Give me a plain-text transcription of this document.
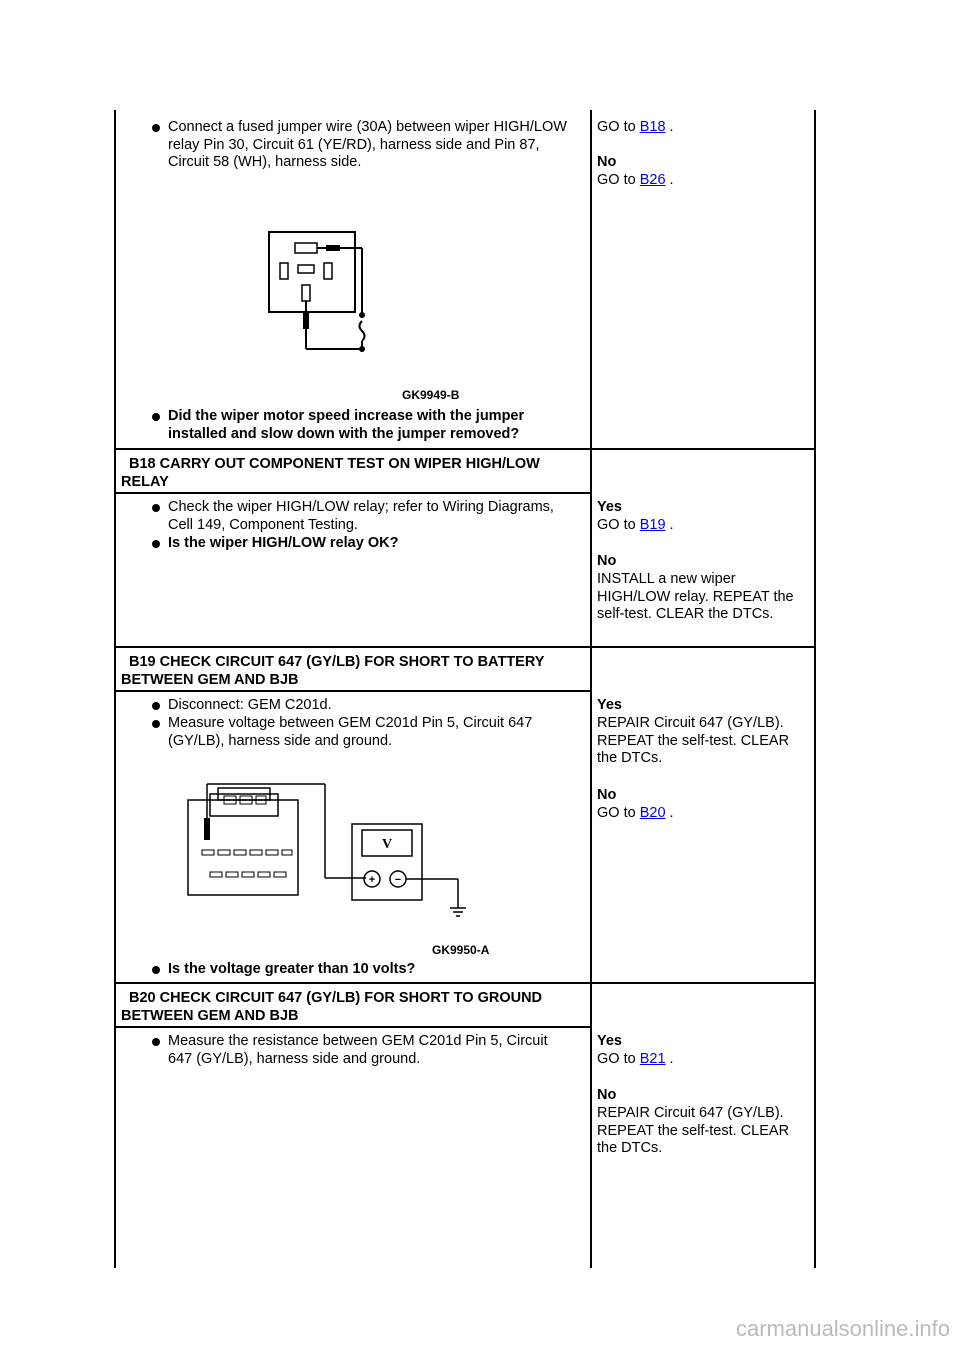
Connect a fused jumper wire (30A) between wiper HIGH/LOW relay Pin 30, Circuit 61 (YE/RD), harness side and Pin 87, Circuit 58 (WH), harness side.
GK9949-B
Did the wiper motor speed increase with the jumper installed and slow down with the jumper removed?
GO to B18 .
No
GO to B26 .
B18 CARRY OUT COMPONENT TEST ON WIPER HIGH/LOW RELAY
Check the wiper HIGH/LOW relay; refer to Wiring Diagrams, Cell 149, Component Testing.
Is the wiper HIGH/LOW relay OK?
Yes
GO to B19 .
No
INSTALL a new wiper HIGH/LOW relay. REPEAT the self-test. CLEAR the DTCs.
B19 CHECK CIRCUIT 647 (GY/LB) FOR SHORT TO BATTERY BETWEEN GEM AND BJB
Disconnect: GEM C201d.
Measure voltage between GEM C201d Pin 5, Circuit 647 (GY/LB), harness side and ground.
V
+ −
GK9950-A
Is the voltage greater than 10 volts?
Yes
REPAIR Circuit 647 (GY/LB). REPEAT the self-test. CLEAR the DTCs.
No
GO to B20 .
B20 CHECK CIRCUIT 647 (GY/LB) FOR SHORT TO GROUND BETWEEN GEM AND BJB
Measure the resistance between GEM C201d Pin 5, Circuit 647 (GY/LB), harness side and ground.
Yes
GO to B21 .
No
REPAIR Circuit 647 (GY/LB). REPEAT the self-test. CLEAR the DTCs.
carmanualsonline.info
